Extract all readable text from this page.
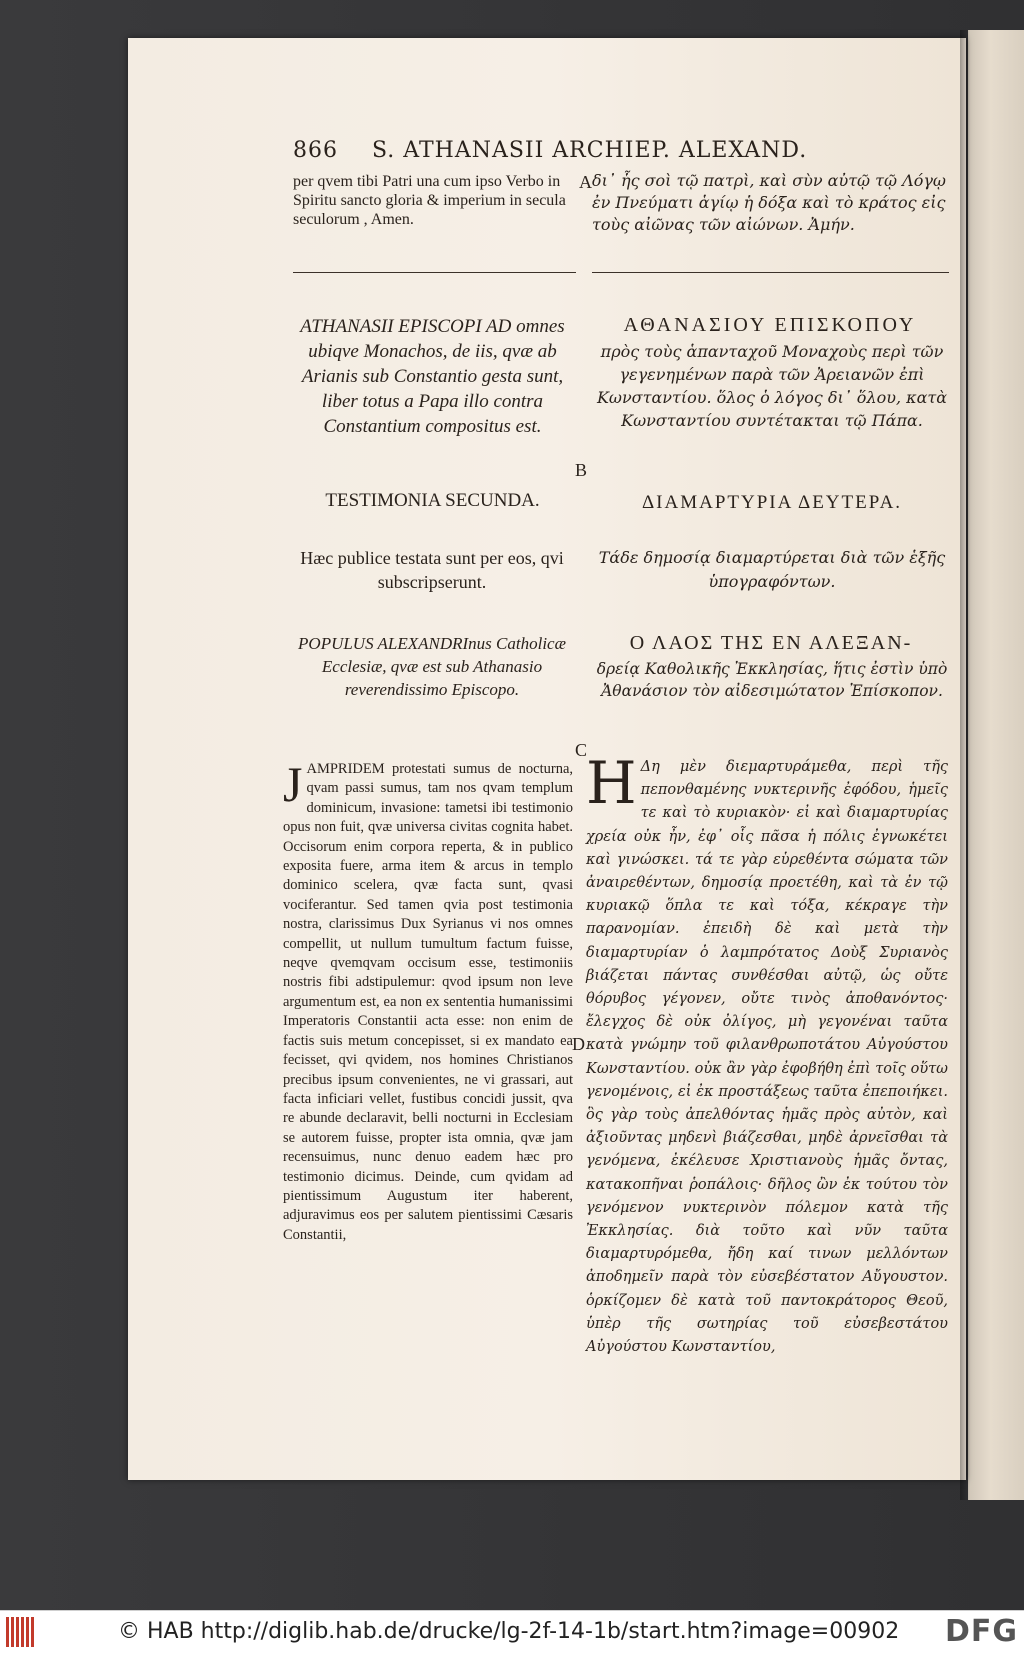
866 S. ATHANASII ARCHIEP. ALEXAND.
per qvem tibi Patri una cum ipso Verbo in Spiritu sancto gloria & imperium in secula seculorum , Amen.
A δι᾽ ἧς σοὶ τῷ πατρὶ, καὶ σὺν αὐτῷ τῷ Λόγῳ ἐν Πνεύματι ἁγίῳ ἡ δόξα καὶ τὸ κράτος εἰς τοὺς αἰῶνας τῶν αἰώνων. Ἀμήν.
ATHANASII EPISCOPI AD omnes ubiqve Monachos, de iis, qvæ ab Arianis sub Constantio gesta sunt, liber totus a Papa illo contra Constantium compositus est.
ΑΘΑΝΑΣΙΟΥ ΕΠΙΣΚΟΠΟΥ
πρὸς τοὺς ἁπανταχοῦ Μοναχοὺς περὶ τῶν γεγενημένων παρὰ τῶν Ἀρειανῶν ἐπὶ Κωνσταντίου. ὅλος ὁ λόγος δι᾽ ὅλου, κατὰ Κωνσταντίου συντέτακται τῷ Πάπα.
B
TESTIMONIA SECUNDA.	ΔΙΑΜΑΡΤΥΡΙΑ ΔΕΥΤΕΡΑ.
Hæc publice testata sunt per eos, qvi subscripserunt.
Τάδε δημοσίᾳ διαμαρτύρεται διὰ τῶν ἑξῆς ὑπογραφόντων.
POPULUS ALEXANDRInus Catholicæ Ecclesiæ, qvæ est sub Athanasio reverendissimo Episcopo.
Ο ΛΑΟΣ ΤΗΣ ΕΝ ΑΛΕΞΑΝ-
δρείᾳ Καθολικῆς Ἐκκλησίας, ἥτις ἐστὶν ὑπὸ Ἀθανάσιον τὸν αἰδεσιμώτατον Ἐπίσκοπον.
C
JAMPRIDEM protestati sumus de nocturna, qvam passi sumus, tam nos qvam templum dominicum, invasione: tametsi ibi testimonio opus non fuit, qvæ universa civitas cognita habet. Occisorum enim corpora reperta, & in publico exposita fuere, arma item & arcus in templo dominico scelera, qvæ facta sunt, qvasi vociferantur. Sed tamen qvia post testimonia nostra, clarissimus Dux Syrianus vi nos omnes compellit, ut nullum tumultum factum fuisse, neqve qvemqvam occisum esse, testimoniis nostris fibi adstipulemur: qvod ipsum non leve argumentum est, ea non ex sententia humanissimi Imperatoris Constantii acta esse: non enim de factis suis metum concepisset, si ex mandato ea fecisset, qvi qvidem, nos homines Christianos precibus ipsum convenientes, ne vi grassari, aut facta inficiari vellet, fustibus concidi jussit, qva re abunde declaravit, belli nocturni in Ecclesiam se autorem fuisse, propter ista omnia, qvæ jam recensuimus, nunc denuo eadem hæc pro testimonio dicimus. Deinde, cum qvidam ad pientissimum Augustum iter haberent, adjuravimus eos per salutem pientissimi Cæsaris Constantii,
D
Η Δη μὲν διεμαρτυράμεθα, περὶ τῆς πεπονθαμένης νυκτερινῆς ἐφόδου, ἡμεῖς τε καὶ τὸ κυριακὸν· εἰ καὶ διαμαρτυρίας χρεία οὐκ ἦν, ἐφ᾽ οἷς πᾶσα ἡ πόλις ἐγνωκέτει καὶ γινώσκει. τά τε γὰρ εὑρεθέντα σώματα τῶν ἀναιρεθέντων, δημοσίᾳ προετέθη, καὶ τὰ ἐν τῷ κυριακῷ ὅπλα τε καὶ τόξα, κέκραγε τὴν παρανομίαν. ἐπειδὴ δὲ καὶ μετὰ τὴν διαμαρτυρίαν ὁ λαμπρότατος Δοὺξ Συριανὸς βιάζεται πάντας συνθέσθαι αὐτῷ, ὡς οὔτε θόρυβος γέγονεν, οὔτε τινὸς ἀποθανόντος· ἔλεγχος δὲ οὐκ ὀλίγος, μὴ γεγονέναι ταῦτα κατὰ γνώμην τοῦ φιλανθρωποτάτου Αὐγούστου Κωνσταντίου. οὐκ ἂν γὰρ ἐφοβήθη ἐπὶ τοῖς οὕτω γενομένοις, εἰ ἐκ προστάξεως ταῦτα ἐπεποιήκει. ὃς γὰρ τοὺς ἀπελθόντας ἡμᾶς πρὸς αὐτὸν, καὶ ἀξιοῦντας μηδενὶ βιάζεσθαι, μηδὲ ἀρνεῖσθαι τὰ γενόμενα, ἐκέλευσε Χριστιανοὺς ἡμᾶς ὄντας, κατακοπῆναι ῥοπάλοις· δῆλος ὢν ἐκ τούτου τὸν γενόμενον νυκτερινὸν πόλεμον κατὰ τῆς Ἐκκλησίας. διὰ τοῦτο καὶ νῦν ταῦτα διαμαρτυρόμεθα, ἤδη καί τινων μελλόντων ἀποδημεῖν παρὰ τὸν εὐσεβέστατον Αὔγουστον. ὁρκίζομεν δὲ κατὰ τοῦ παντοκράτορος Θεοῦ, ὑπὲρ τῆς σωτηρίας τοῦ εὐσεβεστάτου Αὐγούστου Κωνσταντίου,
© HAB http://diglib.hab.de/drucke/lg-2f-14-1b/start.htm?image=00902 DFG
